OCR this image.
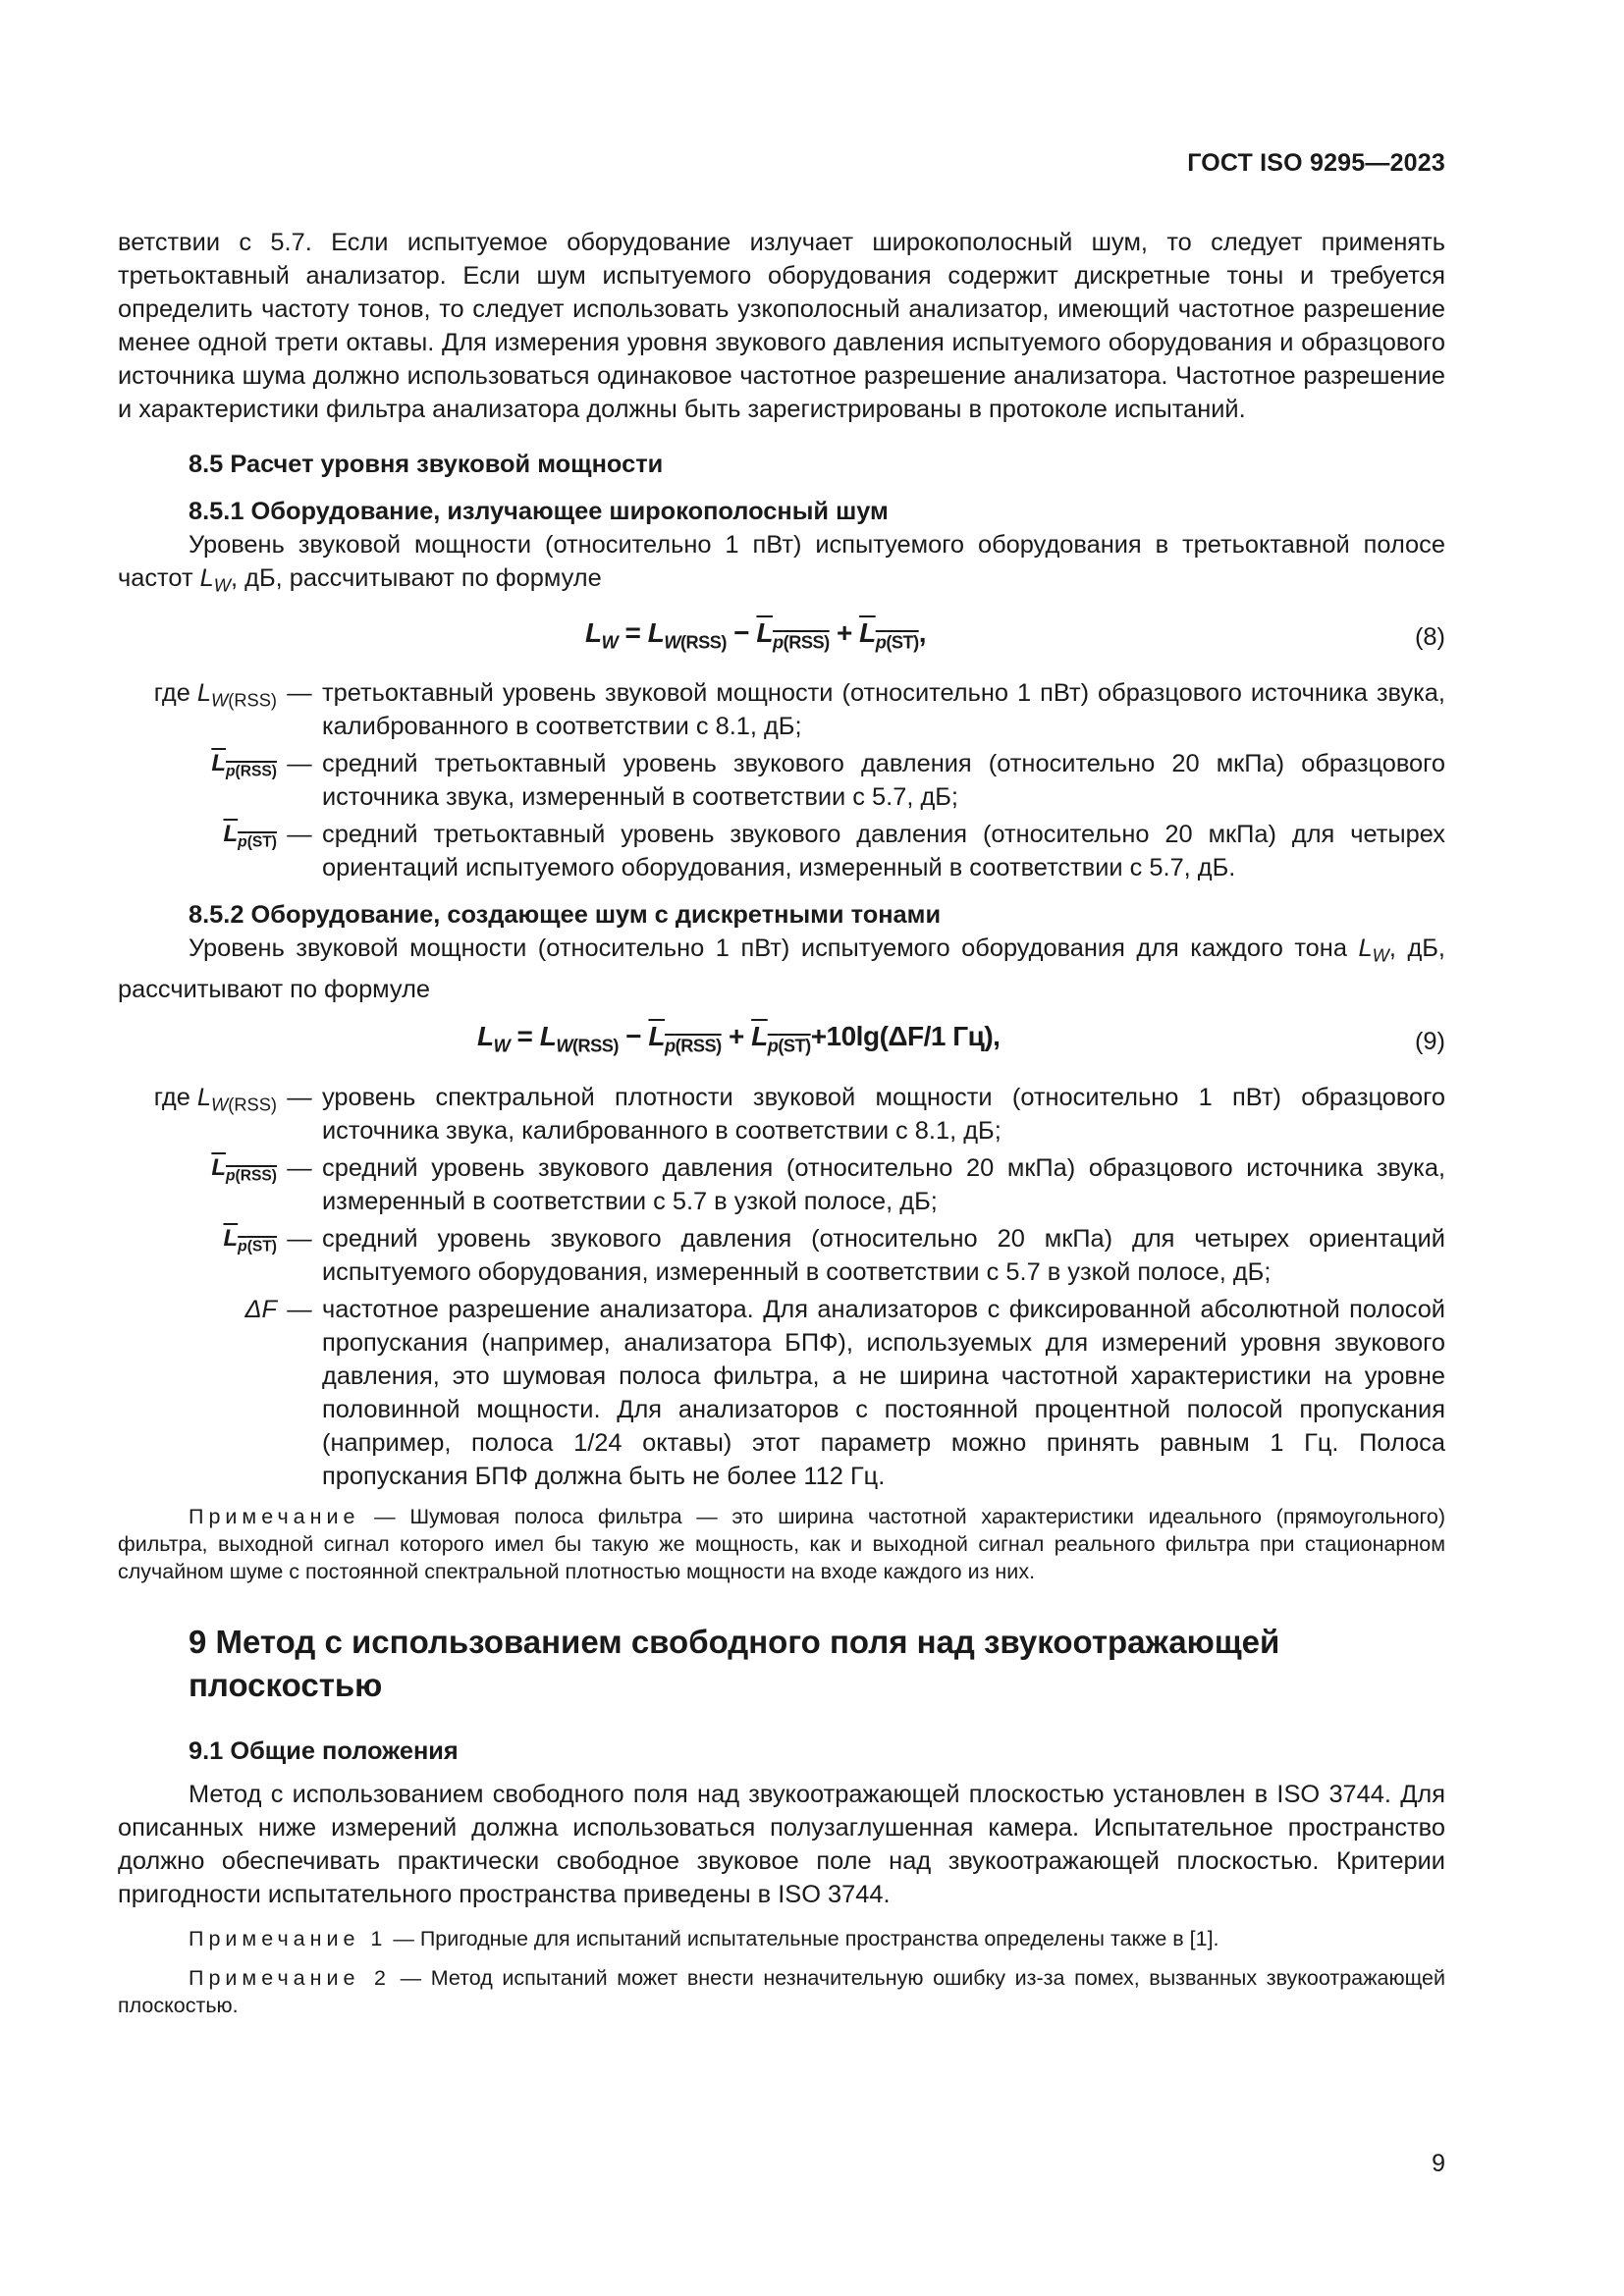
ГОСТ ISO 9295—2023

ветствии с 5.7. Если испытуемое оборудование излучает широкополосный шум, то следует применять третьоктавный анализатор. Если шум испытуемого оборудования содержит дискретные тоны и требуется определить частоту тонов, то следует использовать узкополосный анализатор, имеющий частотное разрешение менее одной трети октавы. Для измерения уровня звукового давления испытуемого оборудования и образцового источника шума должно использоваться одинаковое частотное разрешение анализатора. Частотное разрешение и характеристики фильтра анализатора должны быть зарегистрированы в протоколе испытаний.

8.5 Расчет уровня звуковой мощности

8.5.1 Оборудование, излучающее широкополосный шум

Уровень звуковой мощности (относительно 1 пВт) испытуемого оборудования в третьоктавной полосе частот $L_W$, дБ, рассчитывают по формуле

$L_W = L_{W(RSS)} - L_{p(RSS)} + L_{p(ST)}$,	(8)
где $L_{W(RSS)}$ — третьоктавный уровень звуковой мощности (относительно 1 пВт) образцового источника звука, калиброванного в соответствии с 8.1, дБ;
$L_{p(RSS)}$ — средний третьоктавный уровень звукового давления (относительно 20 мкПа) образцового источника звука, измеренный в соответствии с 5.7, дБ;
$L_{p(ST)}$ — средний третьоктавный уровень звукового давления (относительно 20 мкПа) для четырех ориентаций испытуемого оборудования, измеренный в соответствии с 5.7, дБ.

8.5.2 Оборудование, создающее шум с дискретными тонами

Уровень звуковой мощности (относительно 1 пВт) испытуемого оборудования для каждого тона $L_W$, дБ, рассчитывают по формуле

$L_W = L_{W(RSS)} - L_{p(RSS)} + L_{p(ST)}+10\lg(\Delta F/1$ Гц),	(9)
где $L_{W(RSS)}$ — уровень спектральной плотности звуковой мощности (относительно 1 пВт) образцового источника звука, калиброванного в соответствии с 8.1, дБ;
$L_{p(RSS)}$ — средний уровень звукового давления (относительно 20 мкПа) образцового источника звука, измеренный в соответствии с 5.7 в узкой полосе, дБ;
$L_{p(ST)}$ — средний уровень звукового давления (относительно 20 мкПа) для четырех ориентаций испытуемого оборудования, измеренный в соответствии с 5.7 в узкой полосе, дБ;
ΔF — частотное разрешение анализатора. Для анализаторов с фиксированной абсолютной полосой пропускания (например, анализатора БПФ), используемых для измерений уровня звукового давления, это шумовая полоса фильтра, а не ширина частотной характеристики на уровне половинной мощности. Для анализаторов с постоянной процентной полосой пропускания (например, полоса 1/24 октавы) этот параметр можно принять равным 1 Гц. Полоса пропускания БПФ должна быть не более 112 Гц.

Примечание — Шумовая полоса фильтра — это ширина частотной характеристики идеального (прямоугольного) фильтра, выходной сигнал которого имел бы такую же мощность, как и выходной сигнал реального фильтра при стационарном случайном шуме с постоянной спектральной плотностью мощности на входе каждого из них.

9 Метод с использованием свободного поля над звукоотражающей плоскостью

9.1 Общие положения

Метод с использованием свободного поля над звукоотражающей плоскостью установлен в ISO 3744. Для описанных ниже измерений должна использоваться полузаглушенная камера. Испытательное пространство должно обеспечивать практически свободное звуковое поле над звукоотражающей плоскостью. Критерии пригодности испытательного пространства приведены в ISO 3744.

Примечание 1 — Пригодные для испытаний испытательные пространства определены также в [1].

Примечание 2 — Метод испытаний может внести незначительную ошибку из-за помех, вызванных звукоотражающей плоскостью.

9
